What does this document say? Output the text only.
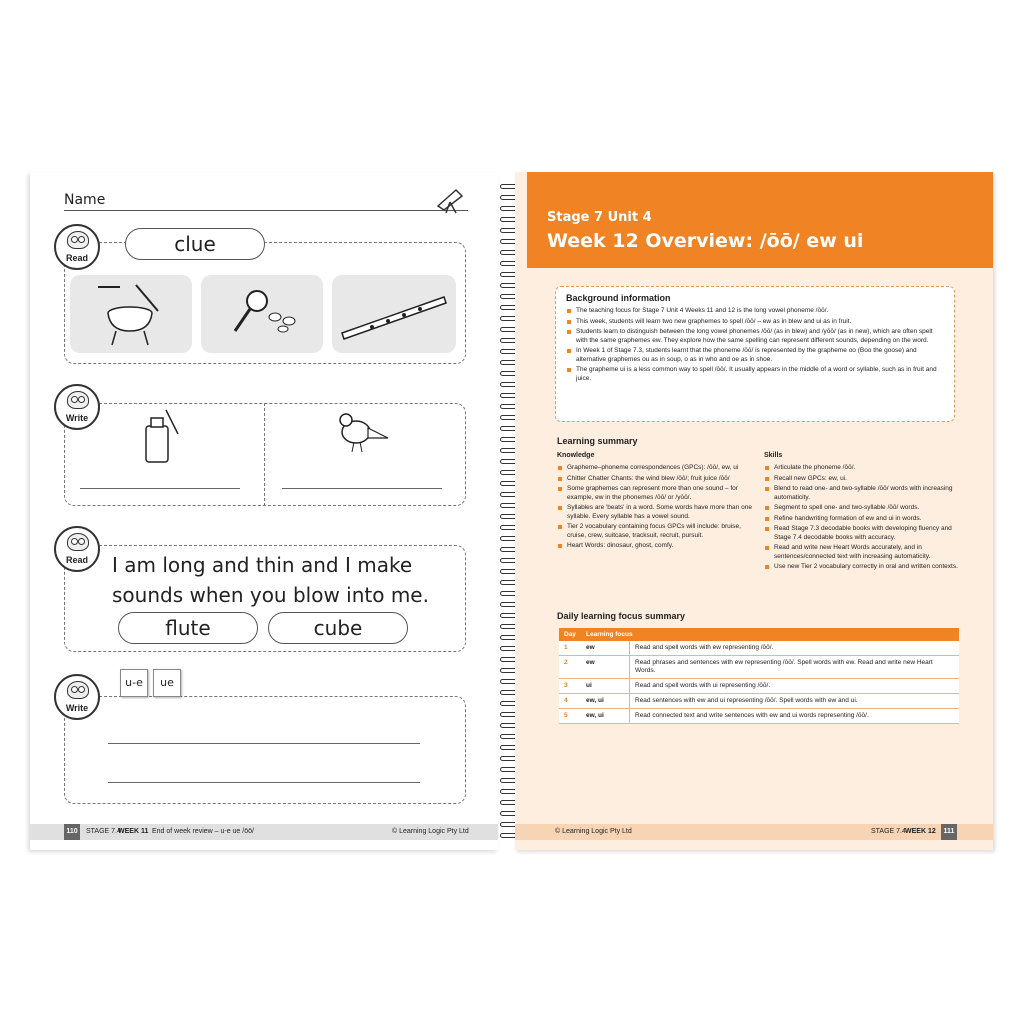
Name
Read
clue
Write
Read	I am long and thin and I make
sounds when you blow into me.
flute	cube
Write
u-e	ue
110	STAGE 7.4
WEEK 11 End of week review – u-e ue /ōō/	© Learning Logic Pty Ltd
Stage 7 Unit 4
Week 12 Overview: /ōō/ ew ui
Background information
The teaching focus for Stage 7 Unit 4 Weeks 11 and 12 is the long vowel phoneme /ōō/.
This week, students will learn two new graphemes to spell /ōō/ – ew as in blew and ui as in fruit.
Students learn to distinguish between the long vowel phonemes /ōō/ (as in blew) and /yōō/ (as in new), which are often spelt with the same graphemes ew. They explore how the same spelling can represent different sounds, depending on the word.
In Week 1 of Stage 7.3, students learnt that the phoneme /ōō/ is represented by the grapheme oo (Boo the goose) and alternative graphemes ou as in soup, o as in who and oe as in shoe.
The grapheme ui is a less common way to spell /ōō/. It usually appears in the middle of a word or syllable, such as in fruit and juice.
Learning summary
Knowledge	Skills
Grapheme–phoneme correspondences (GPCs): /ōō/, ew, ui
Chitter Chatter Chants: the wind blew /ōō/; fruit juice /ōō/
Some graphemes can represent more than one sound – for example, ew in the phonemes /ōō/ or /yōō/.
Syllables are 'beats' in a word. Some words have more than one syllable. Every syllable has a vowel sound.
Tier 2 vocabulary containing focus GPCs will include: bruise, cruise, crew, suitcase, tracksuit, recruit, pursuit.
Heart Words: dinosaur, ghost, comfy.
Articulate the phoneme /ōō/.
Recall new GPCs: ew, ui.
Blend to read one- and two-syllable /ōō/ words with increasing automaticity.
Segment to spell one- and two-syllable /ōō/ words.
Refine handwriting formation of ew and ui in words.
Read Stage 7.3 decodable books with developing fluency and Stage 7.4 decodable books with accuracy.
Read and write new Heart Words accurately, and in sentences/connected text with increasing automaticity.
Use new Tier 2 vocabulary correctly in oral and written contexts.
Daily learning focus summary
Day	Learning focus	
1	ew	Read and spell words with ew representing /ōō/.
2	ew	Read phrases and sentences with ew representing /ōō/. Spell words with ew. Read and write new Heart Words.
3	ui	Read and spell words with ui representing /ōō/.
4	ew, ui	Read sentences with ew and ui representing /ōō/. Spell words with ew and ui.
5	ew, ui	Read connected text and write sentences with ew and ui words representing /ōō/.
© Learning Logic Pty Ltd	STAGE 7.4 WEEK 12	111
